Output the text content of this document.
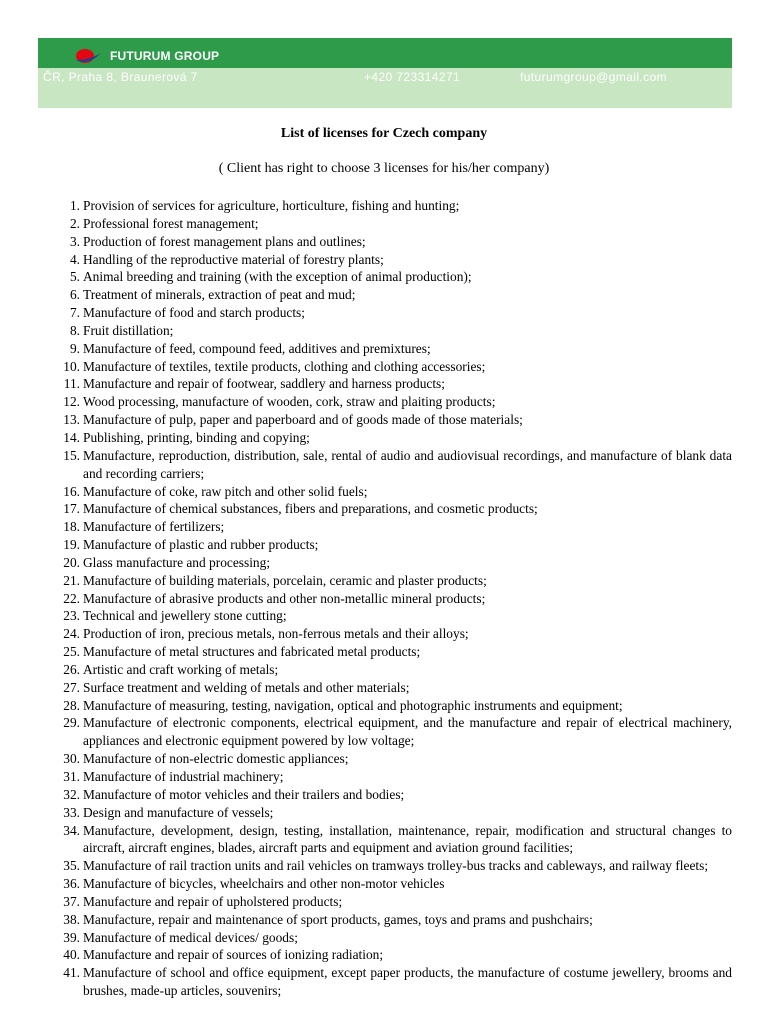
FUTURUM GROUP
ČR, Praha 8, Braunerová 7	+420 723314271	futurumgroup@gmail.com
List of licenses for Czech company
( Client has right to choose 3 licenses for his/her company)
1. Provision of services for agriculture, horticulture, fishing and hunting;
2. Professional forest management;
3. Production of forest management plans and outlines;
4. Handling of the reproductive material of forestry plants;
5. Animal breeding and training (with the exception of animal production);
6. Treatment of minerals, extraction of peat and mud;
7. Manufacture of food and starch products;
8. Fruit distillation;
9. Manufacture of feed, compound feed, additives and premixtures;
10. Manufacture of textiles, textile products, clothing and clothing accessories;
11. Manufacture and repair of footwear, saddlery and harness products;
12. Wood processing, manufacture of wooden, cork, straw and plaiting products;
13. Manufacture of pulp, paper and paperboard and of goods made of those materials;
14. Publishing, printing, binding and copying;
15. Manufacture, reproduction, distribution, sale, rental of audio and audiovisual recordings, and manufacture of blank data and recording carriers;
16. Manufacture of coke, raw pitch and other solid fuels;
17. Manufacture of chemical substances, fibers and preparations, and cosmetic products;
18. Manufacture of fertilizers;
19. Manufacture of plastic and rubber products;
20. Glass manufacture and processing;
21. Manufacture of building materials, porcelain, ceramic and plaster products;
22. Manufacture of abrasive products and other non-metallic mineral products;
23. Technical and jewellery stone cutting;
24. Production of iron, precious metals, non-ferrous metals and their alloys;
25. Manufacture of metal structures and fabricated metal products;
26. Artistic and craft working of metals;
27. Surface treatment and welding of metals and other materials;
28. Manufacture of measuring, testing, navigation, optical and photographic instruments and equipment;
29. Manufacture of electronic components, electrical equipment, and the manufacture and repair of electrical machinery, appliances and electronic equipment powered by low voltage;
30. Manufacture of non-electric domestic appliances;
31. Manufacture of industrial machinery;
32. Manufacture of motor vehicles and their trailers and bodies;
33. Design and manufacture of vessels;
34. Manufacture, development, design, testing, installation, maintenance, repair, modification and structural changes to aircraft, aircraft engines, blades, aircraft parts and equipment and aviation ground facilities;
35. Manufacture of rail traction units and rail vehicles on tramways trolley-bus tracks and cableways, and railway fleets;
36. Manufacture of bicycles, wheelchairs and other non-motor vehicles
37. Manufacture and repair of upholstered products;
38. Manufacture, repair and maintenance of sport products, games, toys and prams and pushchairs;
39. Manufacture of medical devices/ goods;
40. Manufacture and repair of sources of ionizing radiation;
41. Manufacture of school and office equipment, except paper products, the manufacture of costume jewellery, brooms and brushes, made-up articles, souvenirs;
